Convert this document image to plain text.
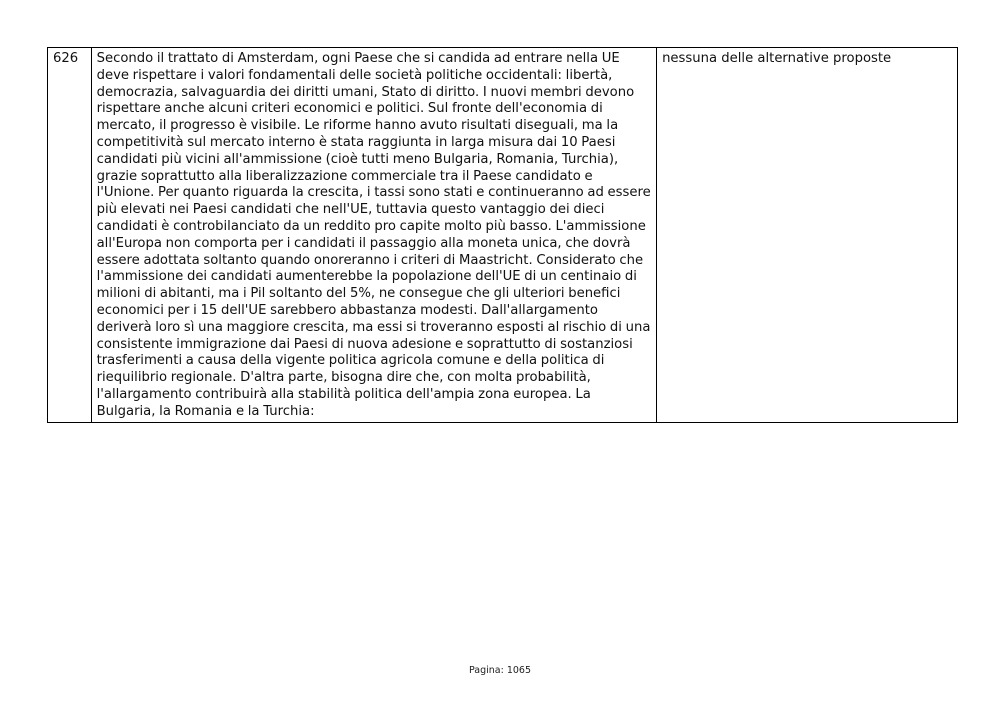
626	Secondo il trattato di Amsterdam, ogni Paese che si candida ad entrare nella UE deve rispettare i valori fondamentali delle società politiche occidentali: libertà, democrazia, salvaguardia dei diritti umani, Stato di diritto. I nuovi membri devono rispettare anche alcuni criteri economici e politici. Sul fronte dell'economia di mercato, il progresso è visibile. Le riforme hanno avuto risultati diseguali, ma la competitività sul mercato interno è stata raggiunta in larga misura dai 10 Paesi candidati più vicini all'ammissione (cioè tutti meno Bulgaria, Romania, Turchia), grazie soprattutto alla liberalizzazione commerciale tra il Paese candidato e l'Unione. Per quanto riguarda la crescita, i tassi sono stati e continueranno ad essere più elevati nei Paesi candidati che nell'UE, tuttavia questo vantaggio dei dieci candidati è controbilanciato da un reddito pro capite molto più basso. L'ammissione all'Europa non comporta per i candidati il passaggio alla moneta unica, che dovrà essere adottata soltanto quando onoreranno i criteri di Maastricht. Considerato che l'ammissione dei candidati aumenterebbe la popolazione dell'UE di un centinaio di milioni di abitanti, ma i Pil soltanto del 5%, ne consegue che gli ulteriori benefici economici per i 15 dell'UE sarebbero abbastanza modesti. Dall'allargamento deriverà loro sì una maggiore crescita, ma essi si troveranno esposti al rischio di una consistente immigrazione dai Paesi di nuova adesione e soprattutto di sostanziosi trasferimenti a causa della vigente politica agricola comune e della politica di riequilibrio regionale. D'altra parte, bisogna dire che, con molta probabilità, l'allargamento contribuirà alla stabilità politica dell'ampia zona europea. La Bulgaria, la Romania e la Turchia:	nessuna delle alternative proposte
Pagina: 1065
